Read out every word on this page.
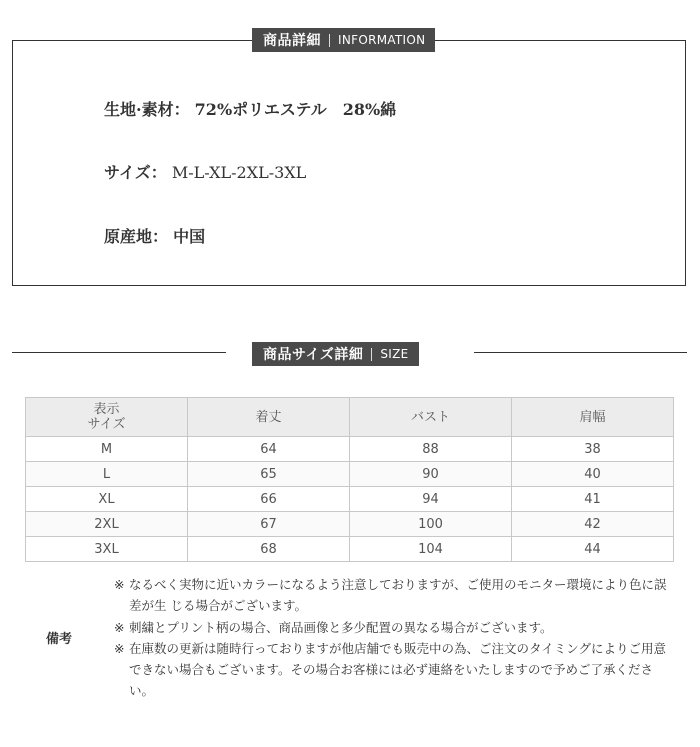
商品詳細	INFORMATION
生地·素材： 72%ポリエステル　28%綿
サイズ： M-L-XL-2XL-3XL
原産地： 中国
商品サイズ詳細	SIZE
表示
サイズ	着丈	バスト	肩幅
M	64	88	38
L	65	90	40
XL	66	94	41
2XL	67	100	42
3XL	68	104	44
備考
※ なるべく実物に近いカラーになるよう注意しておりますが、ご使用のモニター環境により色に誤差が生 じる場合がございます。
※ 刺繍とプリント柄の場合、商品画像と多少配置の異なる場合がございます。
※ 在庫数の更新は随時行っておりますが他店舗でも販売中の為、ご注文のタイミングによりご用意できない場合もございます。その場合お客様には必ず連絡をいたしますので予めご了承ください。
